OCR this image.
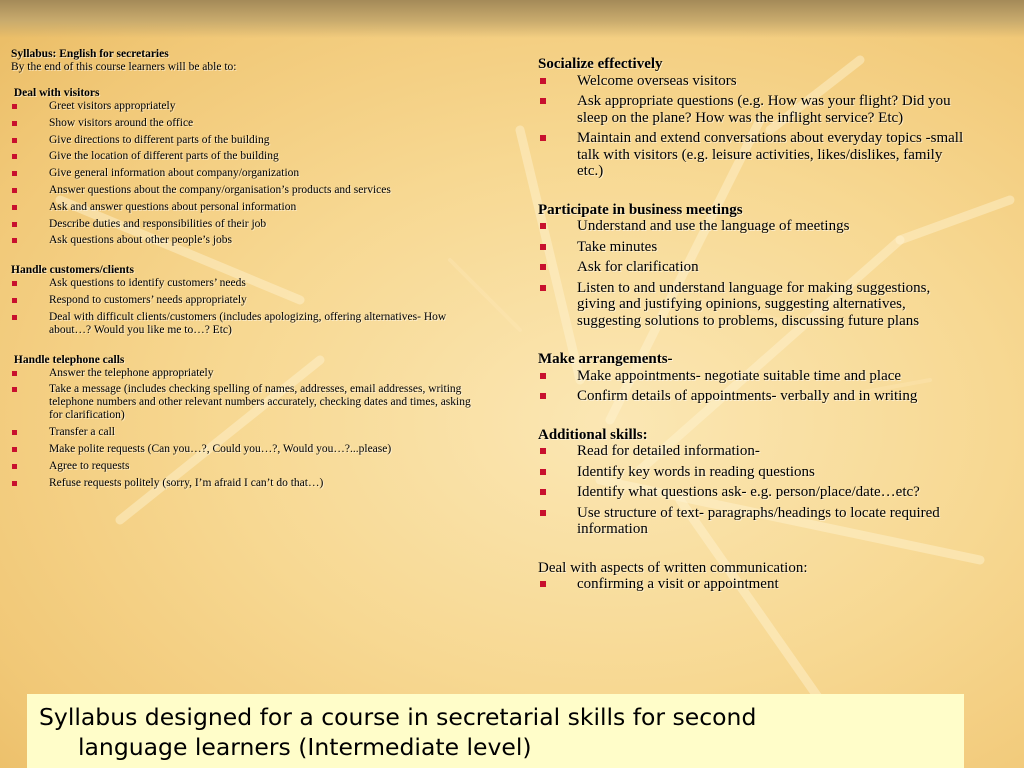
Syllabus: English for secretaries

By the end of this course learners will be able to:

Deal with visitors

Greet visitors appropriately
Show visitors around the office
Give directions to different parts of the building
Give the location of different parts of the building
Give general information about company/organization
Answer questions about the company/organisation’s products and services
Ask and answer questions about personal information
Describe duties and responsibilities of their job
Ask questions about other people’s jobs

Handle customers/clients

Ask questions to identify customers’ needs
Respond to customers’ needs appropriately
Deal with difficult clients/customers (includes apologizing, offering alternatives- How about…? Would you like me to…? Etc)

Handle telephone calls

Answer the telephone appropriately
Take a message (includes checking spelling of names, addresses, email addresses, writing telephone numbers and other relevant numbers accurately, checking dates and times, asking for clarification)
Transfer a call
Make polite requests (Can you…?, Could you…?, Would you…?...please)
Agree to requests
Refuse requests politely (sorry, I’m afraid I can’t do that…)

Socialize effectively

Welcome overseas visitors
Ask appropriate questions (e.g. How was your flight? Did you sleep on the plane? How was the inflight service? Etc)
Maintain and extend conversations about everyday topics -small talk with visitors (e.g. leisure activities, likes/dislikes, family etc.)

Participate in business meetings

Understand and use the language of meetings
Take minutes
Ask for clarification
Listen to and understand language for making suggestions, giving and justifying opinions, suggesting alternatives, suggesting solutions to problems, discussing future plans

Make arrangements-

Make appointments- negotiate suitable time and place
Confirm details of appointments- verbally and in writing

Additional skills:

Read for detailed information-
Identify key words in reading questions
Identify what questions ask- e.g. person/place/date…etc?
Use structure of text- paragraphs/headings to locate required information

Deal with aspects of written communication:

confirming a visit or appointment
Syllabus designed for a course in secretarial skills for second
language learners (Intermediate level)
